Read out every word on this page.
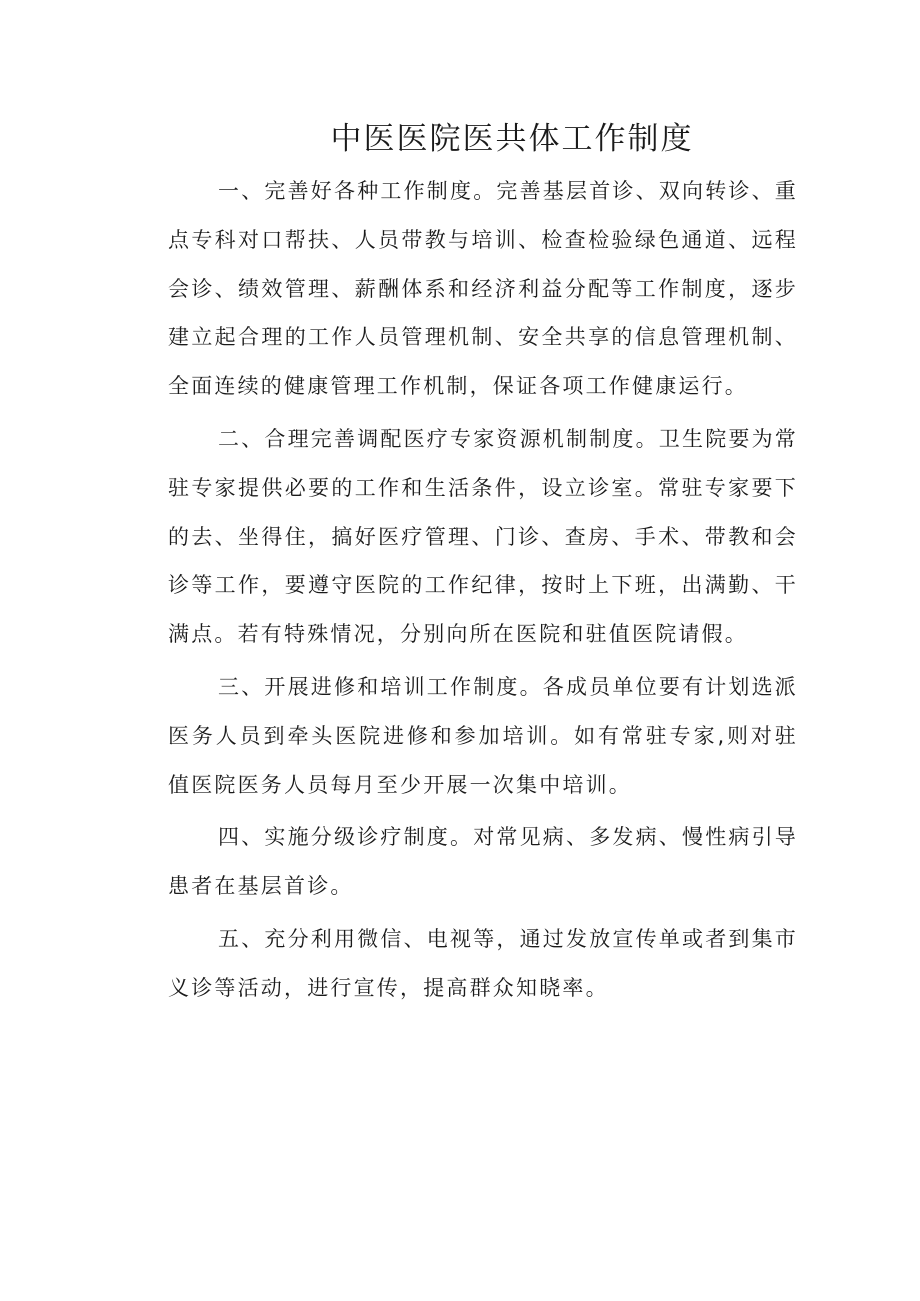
中医医院医共体工作制度

一、完善好各种工作制度。完善基层首诊、双向转诊、重点专科对口帮扶、人员带教与培训、检查检验绿色通道、远程会诊、绩效管理、薪酬体系和经济利益分配等工作制度，逐步建立起合理的工作人员管理机制、安全共享的信息管理机制、全面连续的健康管理工作机制，保证各项工作健康运行。

二、合理完善调配医疗专家资源机制制度。卫生院要为常驻专家提供必要的工作和生活条件，设立诊室。常驻专家要下的去、坐得住，搞好医疗管理、门诊、查房、手术、带教和会诊等工作，要遵守医院的工作纪律，按时上下班，出满勤、干满点。若有特殊情况，分别向所在医院和驻值医院请假。

三、开展进修和培训工作制度。各成员单位要有计划选派医务人员到牵头医院进修和参加培训。如有常驻专家,则对驻值医院医务人员每月至少开展一次集中培训。

四、实施分级诊疗制度。对常见病、多发病、慢性病引导患者在基层首诊。

五、充分利用微信、电视等，通过发放宣传单或者到集市义诊等活动，进行宣传，提高群众知晓率。
